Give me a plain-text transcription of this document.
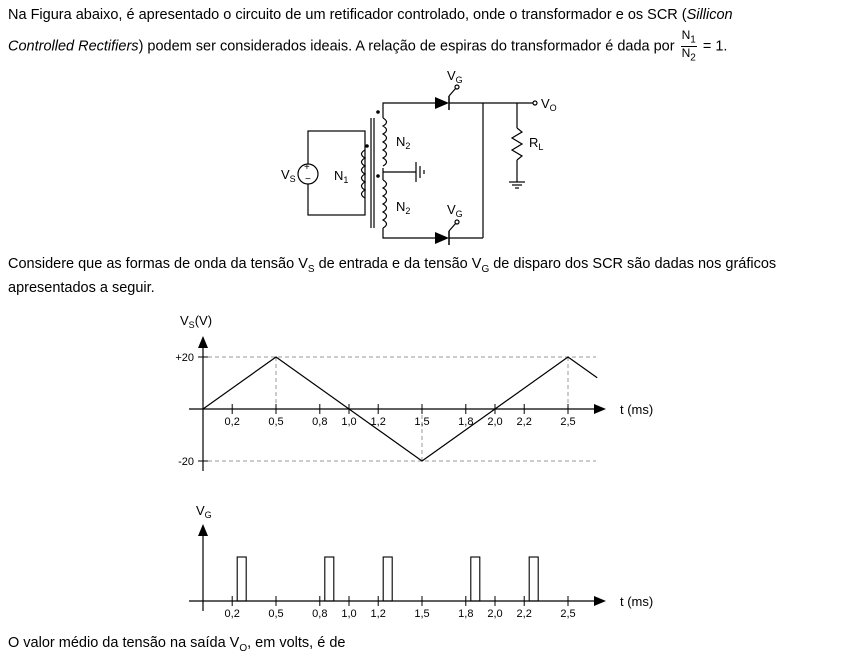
Na Figura abaixo, é apresentado o circuito de um retificador controlado, onde o transformador e os SCR (Sillicon
Controlled Rectifiers) podem ser considerados ideais. A relação de espiras do transformador é dada por $\frac{N_1}{N_2} = 1$.

$V_S$
+
− $N_1$
$N_2$
$N_2$
$V_G$
$V_G$
$V_O$
$R_L$
$V_S(V)$
+20
-20
t (ms)
0,2	0,5	0,8 1,0 1,2	1,5	1,8 2,0 2,2	2,5
$V_G$
t (ms)
0,2	0,5	0,8 1,0 1,2	1,5	1,8 2,0 2,2	2,5

Considere que as formas de onda da tensão $V_S$ de entrada e da tensão $V_G$ de disparo dos SCR são dadas nos gráficos apresentados a seguir.

O valor médio da tensão na saída $V_O$, em volts, é de
